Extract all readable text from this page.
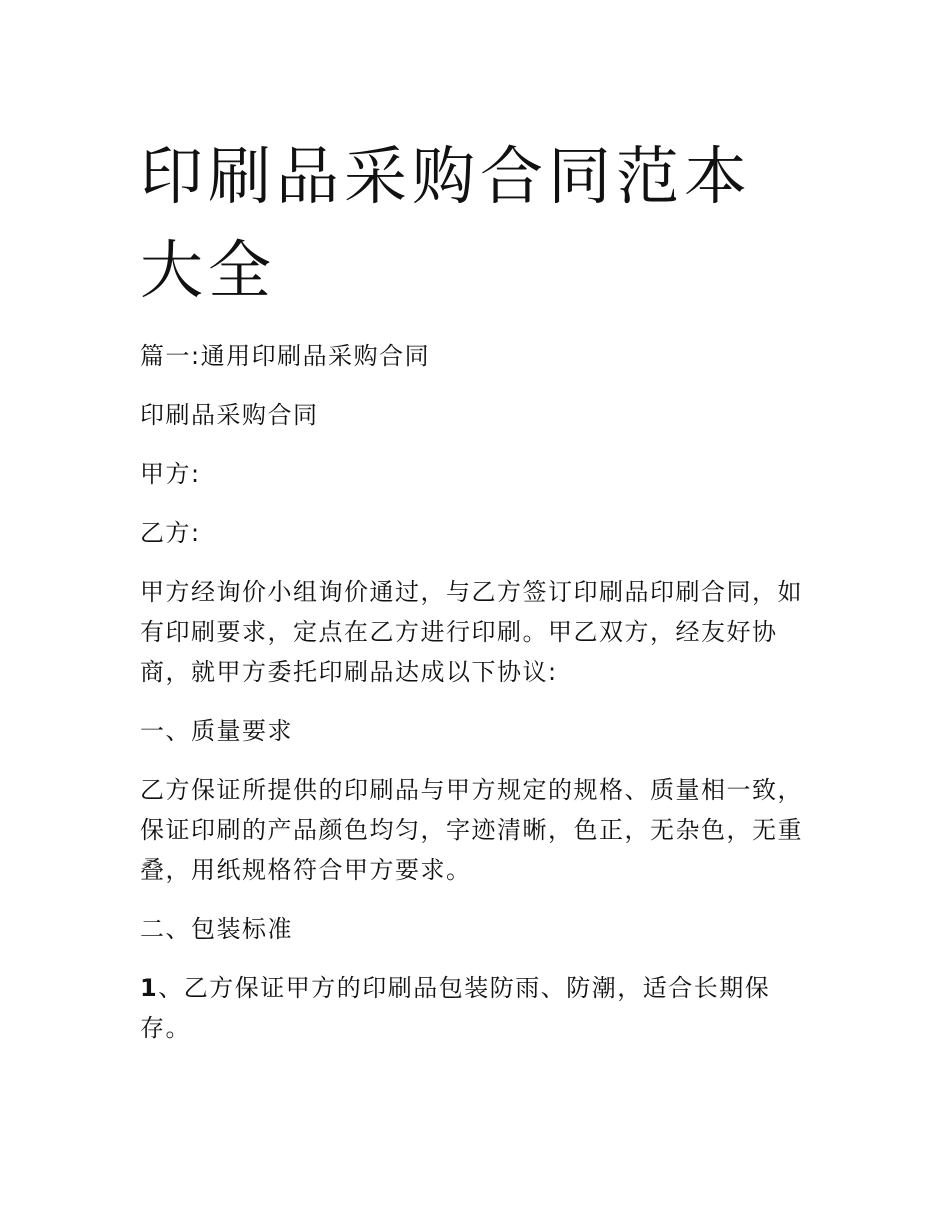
印刷品采购合同范本大全

篇一:通用印刷品采购合同

印刷品采购合同

甲方:

乙方:

甲方经询价小组询价通过，与乙方签订印刷品印刷合同，如有印刷要求，定点在乙方进行印刷。甲乙双方，经友好协商，就甲方委托印刷品达成以下协议:

一、质量要求

乙方保证所提供的印刷品与甲方规定的规格、质量相一致，保证印刷的产品颜色均匀，字迹清晰，色正，无杂色，无重叠，用纸规格符合甲方要求。

二、包装标准

1、乙方保证甲方的印刷品包装防雨、防潮，适合长期保存。
